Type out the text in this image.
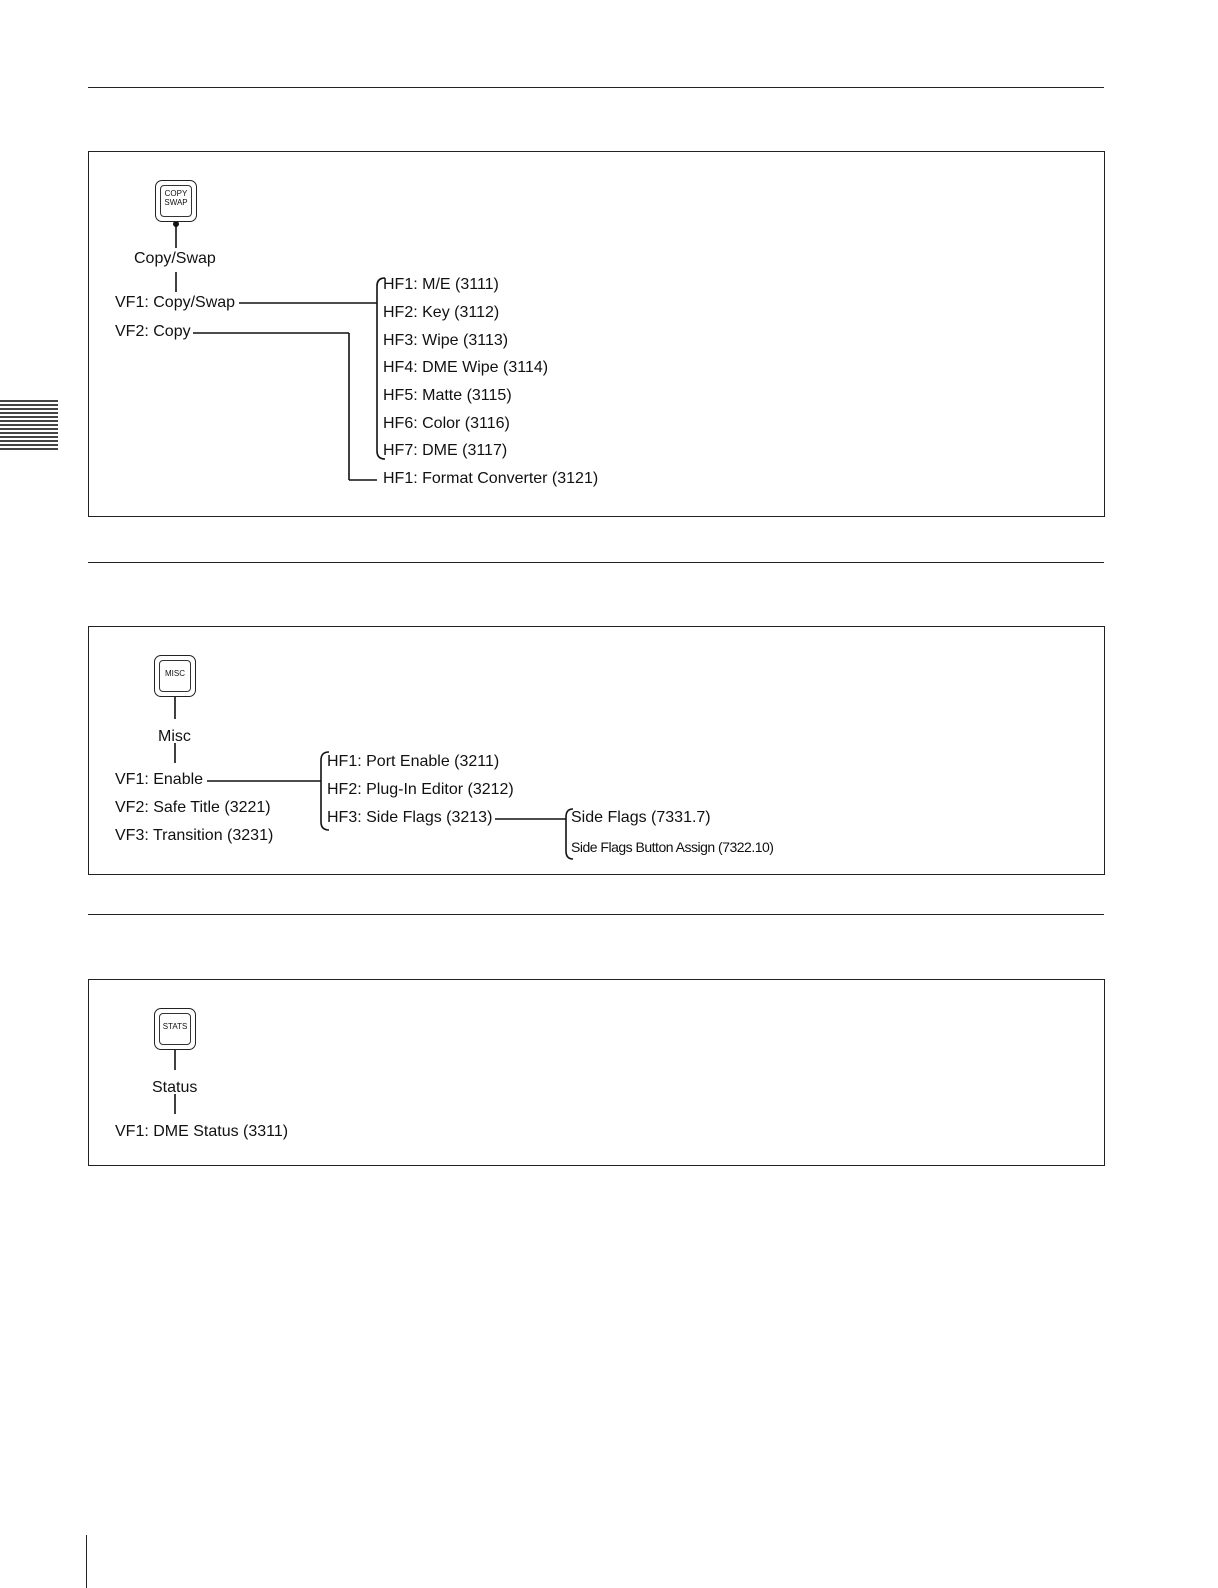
COPY
SWAP
Copy/Swap
VF1: Copy/Swap
VF2: Copy
HF1: M/E (3111)
HF2: Key (3112)
HF3: Wipe (3113)
HF4: DME Wipe (3114)
HF5: Matte (3115)
HF6: Color (3116)
HF7: DME (3117)
HF1: Format Converter (3121)
MISC
Misc
VF1: Enable
VF2: Safe Title (3221)
VF3: Transition (3231)
HF1: Port Enable (3211)
HF2: Plug-In Editor (3212)
HF3: Side Flags (3213)	Side Flags (7331.7)
Side Flags Button Assign (7322.10)
STATS
Status
VF1: DME Status (3311)
